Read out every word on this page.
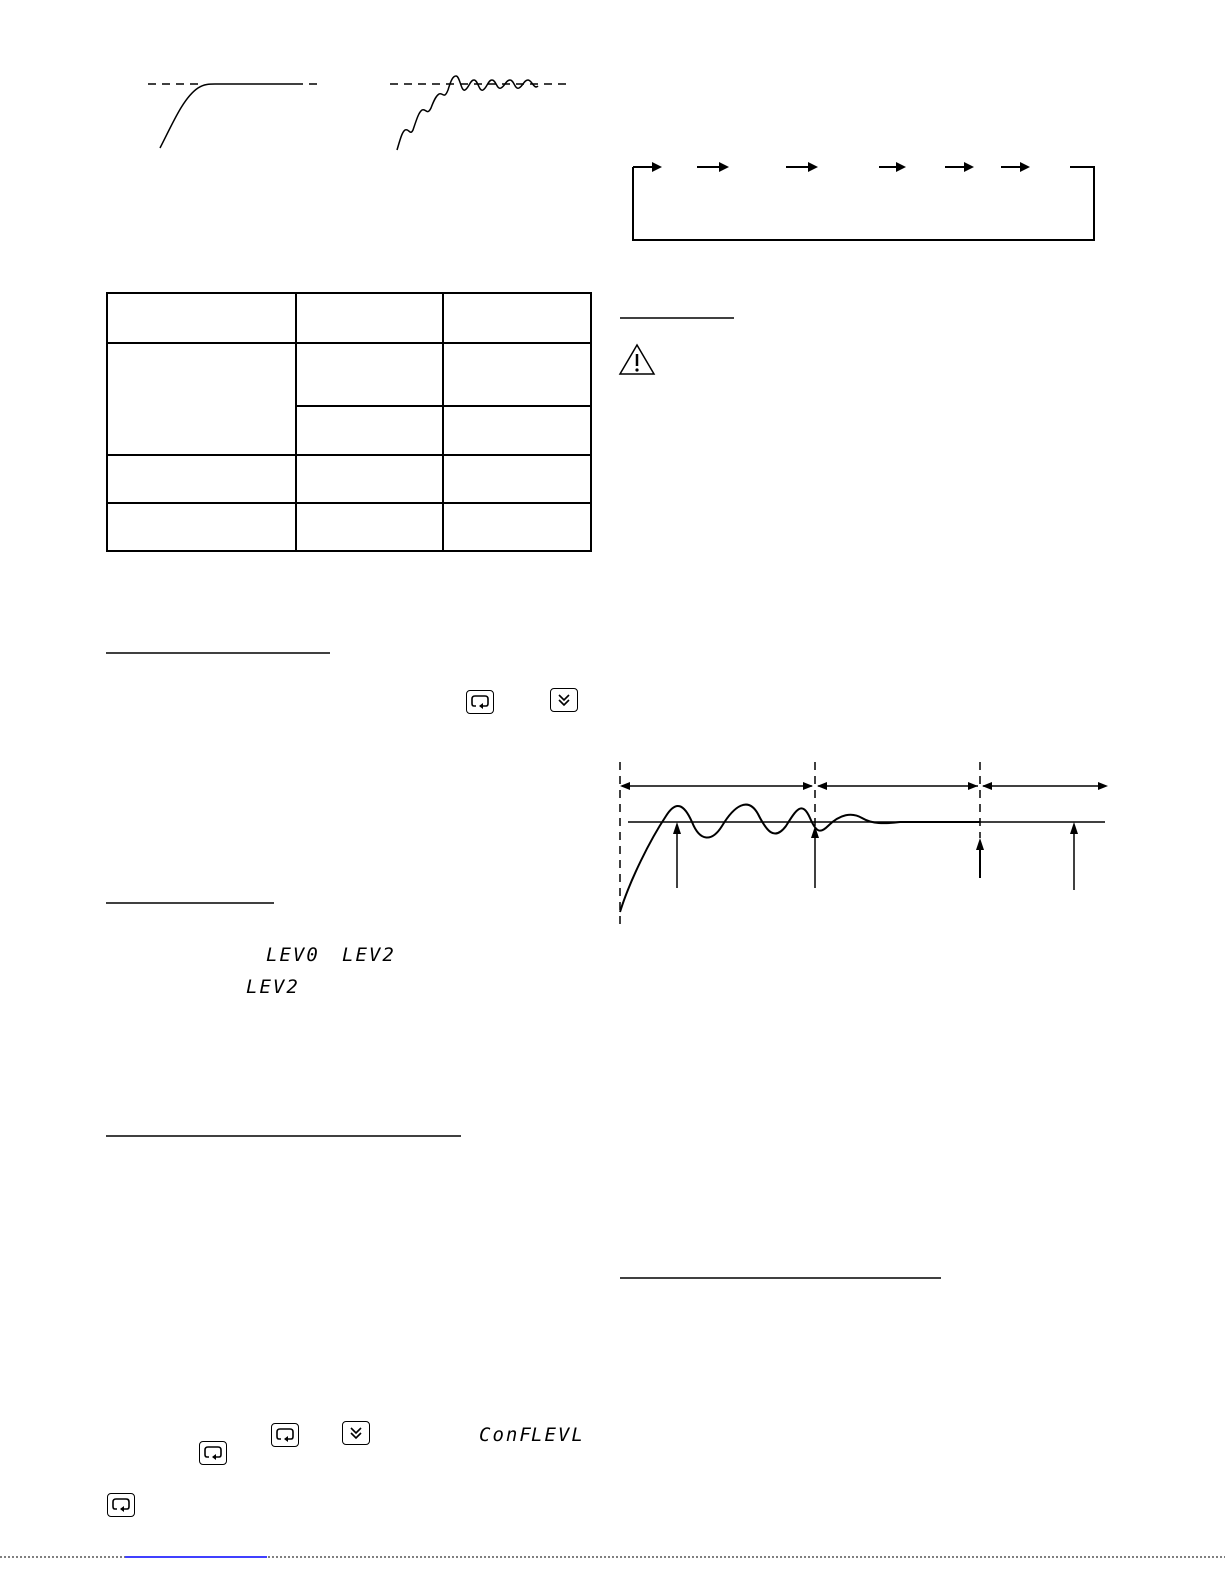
LEV0 LEV2
LEV2
ConF
LEVL
